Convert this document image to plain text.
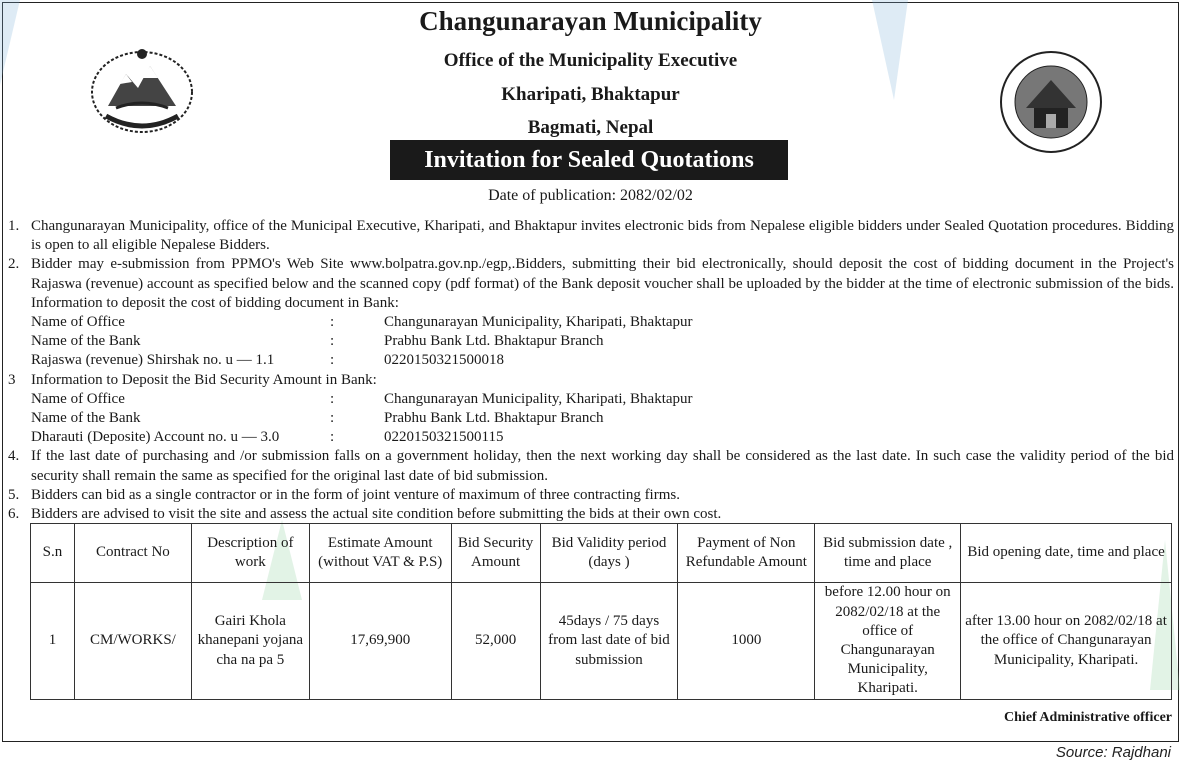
Changunarayan Municipality
Office of the Municipality Executive
Kharipati, Bhaktapur
Bagmati, Nepal
Invitation for Sealed Quotations
Date of publication: 2082/02/02
1. Changunarayan Municipality, office of the Municipal Executive, Kharipati, and Bhaktapur invites electronic bids from Nepalese eligible bidders under Sealed Quotation procedures. Bidding is open to all eligible Nepalese Bidders.
2. Bidder may e-submission from PPMO's Web Site www.bolpatra.gov.np./egp,.Bidders, submitting their bid electronically, should deposit the cost of bidding document in the Project's Rajaswa (revenue) account as specified below and the scanned copy (pdf format) of the Bank deposit voucher shall be uploaded by the bidder at the time of electronic submission of the bids. Information to deposit the cost of bidding document in Bank:
Name of Office	:	Changunarayan Municipality, Kharipati, Bhaktapur
Name of the Bank	:	Prabhu Bank Ltd. Bhaktapur Branch
Rajaswa (revenue) Shirshak no. u — 1.1	:	0220150321500018
3 Information to Deposit the Bid Security Amount in Bank:
Name of Office	:	Changunarayan Municipality, Kharipati, Bhaktapur
Name of the Bank	:	Prabhu Bank Ltd. Bhaktapur Branch
Dharauti (Deposite) Account no. u — 3.0	:	0220150321500115
4. If the last date of purchasing and /or submission falls on a government holiday, then the next working day shall be considered as the last date. In such case the validity period of the bid security shall remain the same as specified for the original last date of bid submission.
5. Bidders can bid as a single contractor or in the form of joint venture of maximum of three contracting firms.
6. Bidders are advised to visit the site and assess the actual site condition before submitting the bids at their own cost.
S.n	Contract No	Description of work	Estimate Amount (without VAT & P.S)	Bid Security Amount	Bid Validity period (days )	Payment of Non Refundable Amount	Bid submission date , time and place	Bid opening date, time and place
1	CM/WORKS/	Gairi Khola khanepani yojana cha na pa 5	17,69,900	52,000	45days / 75 days from last date of bid submission	1000	before 12.00 hour on 2082/02/18 at the office of Changunarayan Municipality, Kharipati.	after 13.00 hour on 2082/02/18 at the office of Changunarayan Municipality, Kharipati.
Chief Administrative officer
Source: Rajdhani
